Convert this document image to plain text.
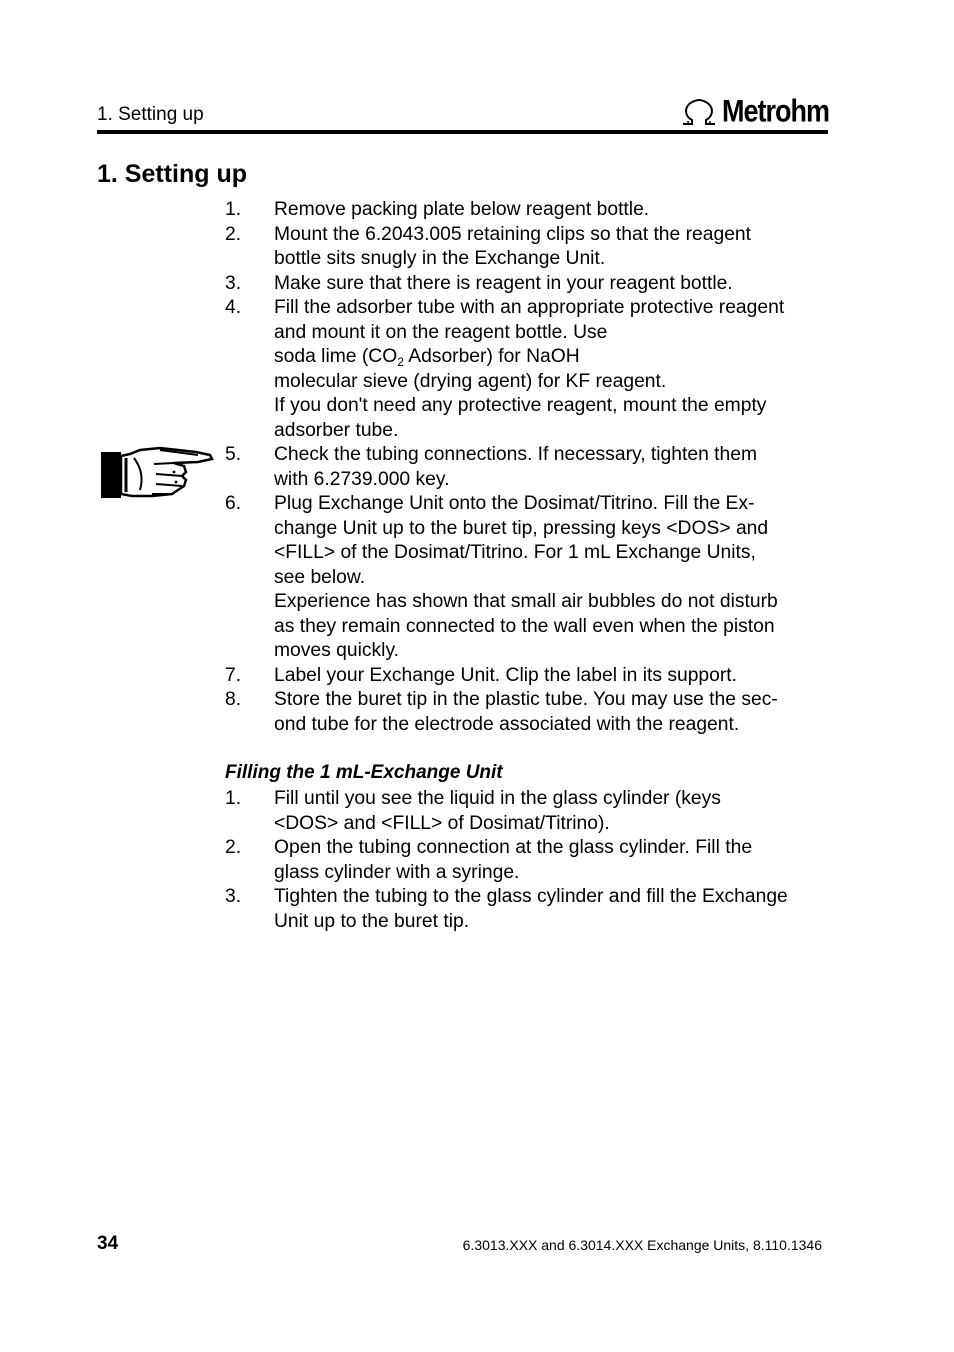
1. Setting up	Metrohm
1. Setting up
1.	Remove packing plate below reagent bottle.
2.	Mount the 6.2043.005 retaining clips so that the reagent
bottle sits snugly in the Exchange Unit.
3.	Make sure that there is reagent in your reagent bottle.
4.	Fill the adsorber tube with an appropriate protective reagent
and mount it on the reagent bottle. Use
soda lime ($CO_2$ Adsorber) for NaOH
molecular sieve (drying agent) for KF reagent.
If you don't need any protective reagent, mount the empty
adsorber tube.
5.	Check the tubing connections. If necessary, tighten them
with 6.2739.000 key.
6.	Plug Exchange Unit onto the Dosimat/Titrino. Fill the Ex-
change Unit up to the buret tip, pressing keys <DOS> and
<FILL> of the Dosimat/Titrino. For 1 mL Exchange Units,
see below.
Experience has shown that small air bubbles do not disturb
as they remain connected to the wall even when the piston
moves quickly.
7.	Label your Exchange Unit. Clip the label in its support.
8.	Store the buret tip in the plastic tube. You may use the sec-
ond tube for the electrode associated with the reagent.
Filling the 1 mL-Exchange Unit
1.	Fill until you see the liquid in the glass cylinder (keys
<DOS> and <FILL> of Dosimat/Titrino).
2.	Open the tubing connection at the glass cylinder. Fill the
glass cylinder with a syringe.
3.	Tighten the tubing to the glass cylinder and fill the Exchange
Unit up to the buret tip.
34	6.3013.XXX and 6.3014.XXX Exchange Units, 8.110.1346
